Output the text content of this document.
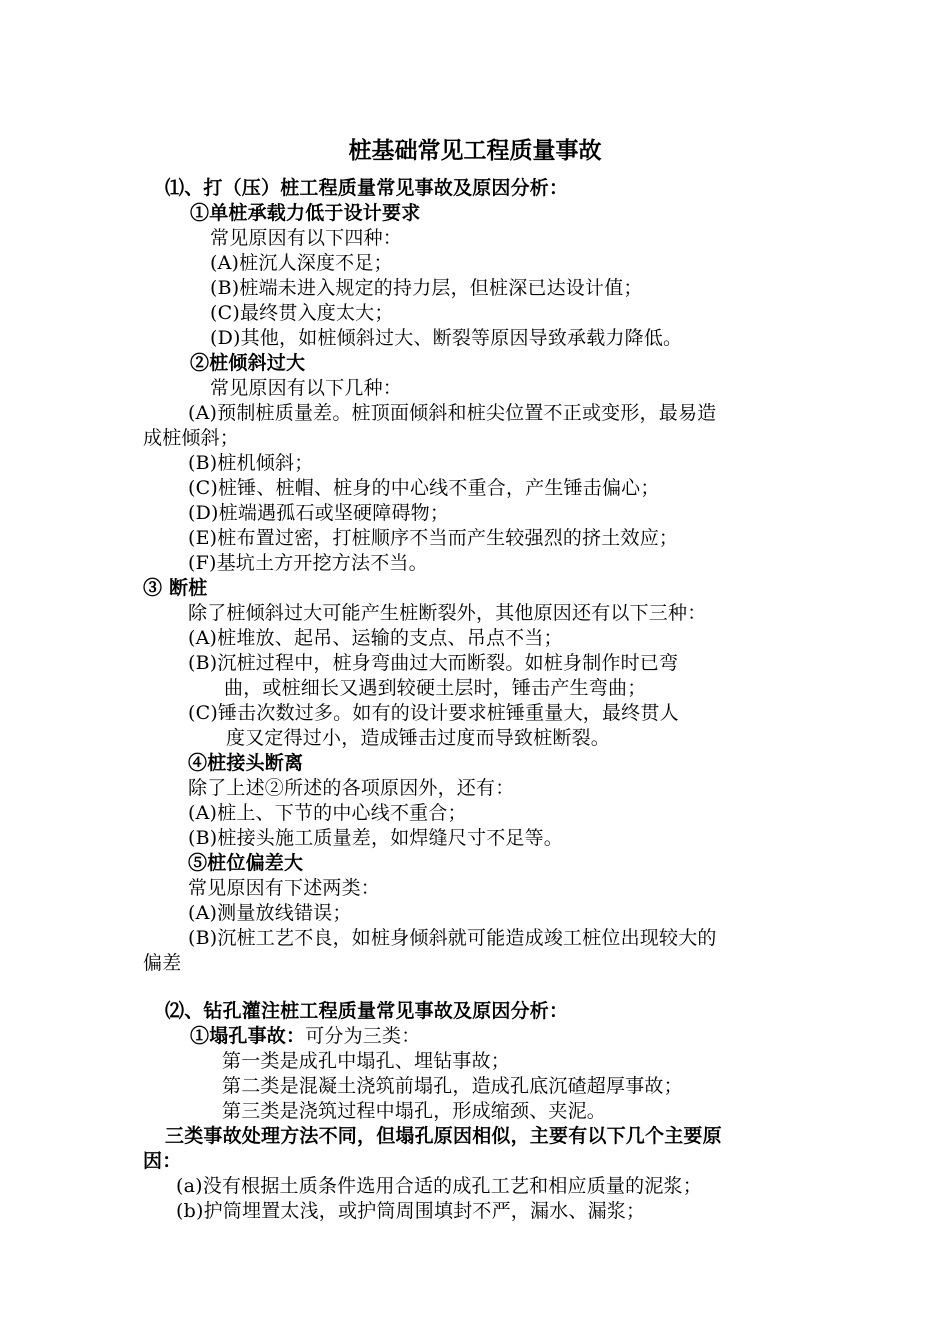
桩基础常见工程质量事故
⑴、打（压）桩工程质量常见事故及原因分析：
①单桩承载力低于设计要求
常见原因有以下四种：
(A)桩沉人深度不足；
(B)桩端未进入规定的持力层，但桩深已达设计值；
(C)最终贯入度太大；
(D)其他，如桩倾斜过大、断裂等原因导致承载力降低。
②桩倾斜过大
常见原因有以下几种：
(A)预制桩质量差。桩顶面倾斜和桩尖位置不正或变形，最易造
成桩倾斜；
(B)桩机倾斜；
(C)桩锤、桩帽、桩身的中心线不重合，产生锤击偏心；
(D)桩端遇孤石或坚硬障碍物；
(E)桩布置过密，打桩顺序不当而产生较强烈的挤土效应；
(F)基坑土方开挖方法不当。
③ 断桩
除了桩倾斜过大可能产生桩断裂外，其他原因还有以下三种：
(A)桩堆放、起吊、运输的支点、吊点不当；
(B)沉桩过程中，桩身弯曲过大而断裂。如桩身制作时已弯
曲，或桩细长又遇到较硬土层时，锤击产生弯曲；
(C)锤击次数过多。如有的设计要求桩锤重量大，最终贯人
度又定得过小，造成锤击过度而导致桩断裂。
④桩接头断离
除了上述②所述的各项原因外，还有：
(A)桩上、下节的中心线不重合；
(B)桩接头施工质量差，如焊缝尺寸不足等。
⑤桩位偏差大
常见原因有下述两类：
(A)测量放线错误；
(B)沉桩工艺不良，如桩身倾斜就可能造成竣工桩位出现较大的
偏差
⑵、钻孔灌注桩工程质量常见事故及原因分析：
①塌孔事故：可分为三类：
第一类是成孔中塌孔、埋钻事故；
第二类是混凝土浇筑前塌孔，造成孔底沉碴超厚事故；
第三类是浇筑过程中塌孔，形成缩颈、夹泥。
三类事故处理方法不同，但塌孔原因相似，主要有以下几个主要原
因：
(a)没有根据土质条件选用合适的成孔工艺和相应质量的泥浆；
(b)护筒埋置太浅，或护筒周围填封不严，漏水、漏浆；
